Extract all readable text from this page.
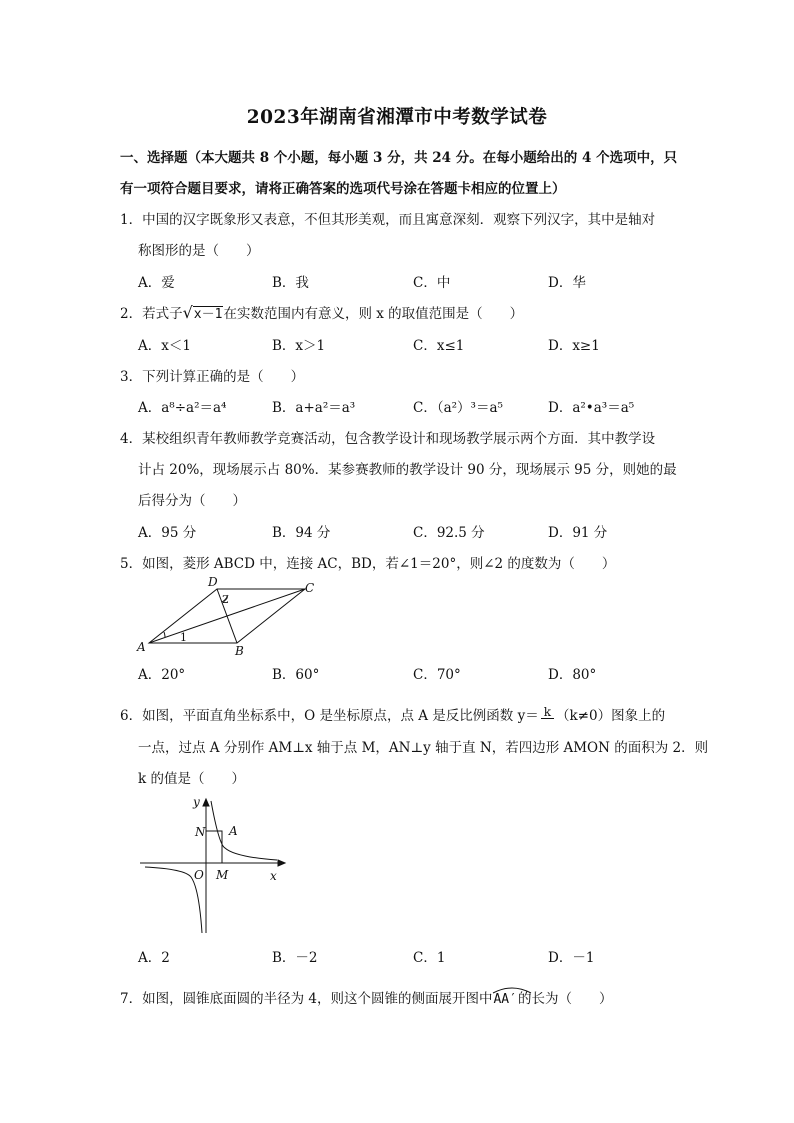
2023年湖南省湘潭市中考数学试卷
一、选择题（本大题共 8 个小题，每小题 3 分，共 24 分。在每小题给出的 4 个选项中，只
有一项符合题目要求，请将正确答案的选项代号涂在答题卡相应的位置上）
1．中国的汉字既象形又表意，不但其形美观，而且寓意深刻．观察下列汉字，其中是轴对
称图形的是（　　）
A．爱	B．我	C．中	D．华
2．若式子√x－1在实数范围内有意义，则 x 的取值范围是（　　）
A．x＜1	B．x＞1	C．x≤1	D．x≥1
3．下列计算正确的是（　　）
A．a⁸÷a²＝a⁴	B．a+a²＝a³	C．（a²）³＝a⁵	D．a²•a³＝a⁵
4．某校组织青年教师教学竞赛活动，包含教学设计和现场教学展示两个方面．其中教学设
计占 20%，现场展示占 80%．某参赛教师的教学设计 90 分，现场展示 95 分，则她的最
后得分为（　　）
A．95 分	B．94 分	C．92.5 分	D．91 分
5．如图，菱形 ABCD 中，连接 AC，BD，若∠1＝20°，则∠2 的度数为（　　）
D	C
A	B
1
2
A．20°	B．60°	C．70°	D．80°
6．如图，平面直角坐标系中，O 是坐标原点，点 A 是反比例函数 y＝ k （k≠0）图象上的
一点，过点 A 分别作 AM⊥x 轴于点 M，AN⊥y 轴于直 N，若四边形 AMON 的面积为 2．则
k 的值是（　　）
y
N A
O M	x
A．2	B．－2	C．1	D．－1
7．如图，圆锥底面圆的半径为 4，则这个圆锥的侧面展开图中
AA′的长为（　　）
